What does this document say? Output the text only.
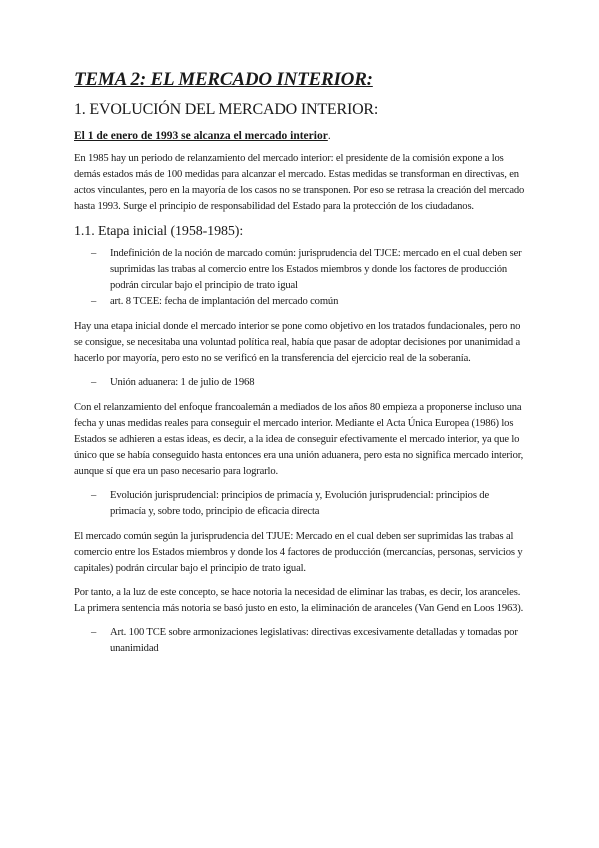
TEMA 2: EL MERCADO INTERIOR:
1. EVOLUCIÓN DEL MERCADO INTERIOR:
El 1 de enero de 1993 se alcanza el mercado interior.

En 1985 hay un periodo de relanzamiento del mercado interior: el presidente de la comisión expone a los demás estados más de 100 medidas para alcanzar el mercado. Estas medidas se transforman en directivas, en actos vinculantes, pero en la mayoría de los casos no se transponen. Por eso se retrasa la creación del mercado hasta 1993. Surge el principio de responsabilidad del Estado para la protección de los ciudadanos.

1.1. Etapa inicial (1958-1985):
– Indefinición de la noción de marcado común: jurisprudencia del TJCE: mercado en el cual deben ser suprimidas las trabas al comercio entre los Estados miembros y donde los factores de producción podrán circular bajo el principio de trato igual
– art. 8 TCEE: fecha de implantación del mercado común

Hay una etapa inicial donde el mercado interior se pone como objetivo en los tratados fundacionales, pero no se consigue, se necesitaba una voluntad política real, había que pasar de adoptar decisiones por unanimidad a hacerlo por mayoría, pero esto no se verificó en la transferencia del ejercicio real de la soberanía.

– Unión aduanera: 1 de julio de 1968

Con el relanzamiento del enfoque francoalemán a mediados de los años 80 empieza a proponerse incluso una fecha y unas medidas reales para conseguir el mercado interior. Mediante el Acta Única Europea (1986) los Estados se adhieren a estas ideas, es decir, a la idea de conseguir efectivamente el mercado interior, ya que lo único que se había conseguido hasta entonces era una unión aduanera, pero esta no significa mercado interior, aunque sí que era un paso necesario para lograrlo.

– Evolución jurisprudencial: principios de primacía y, Evolución jurisprudencial: principios de primacía y, sobre todo, principio de eficacia directa

El mercado común según la jurisprudencia del TJUE: Mercado en el cual deben ser suprimidas las trabas al comercio entre los Estados miembros y donde los 4 factores de producción (mercancías, personas, servicios y capitales) podrán circular bajo el principio de trato igual.

Por tanto, a la luz de este concepto, se hace notoria la necesidad de eliminar las trabas, es decir, los aranceles. La primera sentencia más notoria se basó justo en esto, la eliminación de aranceles (Van Gend en Loos 1963).

– Art. 100 TCE sobre armonizaciones legislativas: directivas excesivamente detalladas y tomadas por unanimidad
